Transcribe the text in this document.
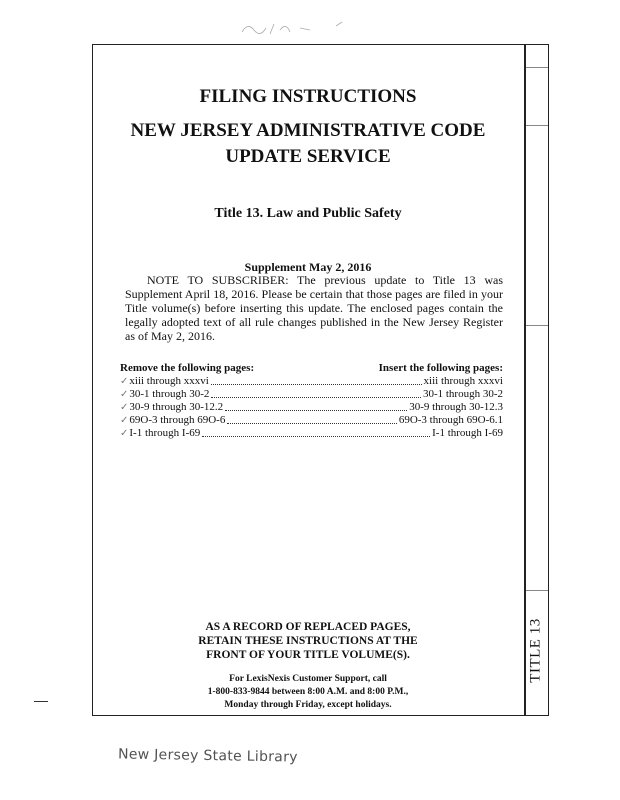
TITLE 13
FILING INSTRUCTIONS
NEW JERSEY ADMINISTRATIVE CODE
UPDATE SERVICE
Title 13. Law and Public Safety
Supplement May 2, 2016
NOTE TO SUBSCRIBER: The previous update to Title 13 was Supplement April 18, 2016. Please be certain that those pages are filed in your Title volume(s) before inserting this update. The enclosed pages contain the legally adopted text of all rule changes published in the New Jersey Register as of May 2, 2016.
Remove the following pages:	Insert the following pages:
✓ xiii through xxxvi	xiii through xxxvi
✓ 30-1 through 30-2	30-1 through 30-2
✓ 30-9 through 30-12.2	30-9 through 30-12.3
✓ 69O-3 through 69O-6	69O-3 through 69O-6.1
✓ I-1 through I-69	I-1 through I-69
AS A RECORD OF REPLACED PAGES,
RETAIN THESE INSTRUCTIONS AT THE
FRONT OF YOUR TITLE VOLUME(S).
For LexisNexis Customer Support, call
1-800-833-9844 between 8:00 A.M. and 8:00 P.M.,
Monday through Friday, except holidays.
New Jersey State Library
